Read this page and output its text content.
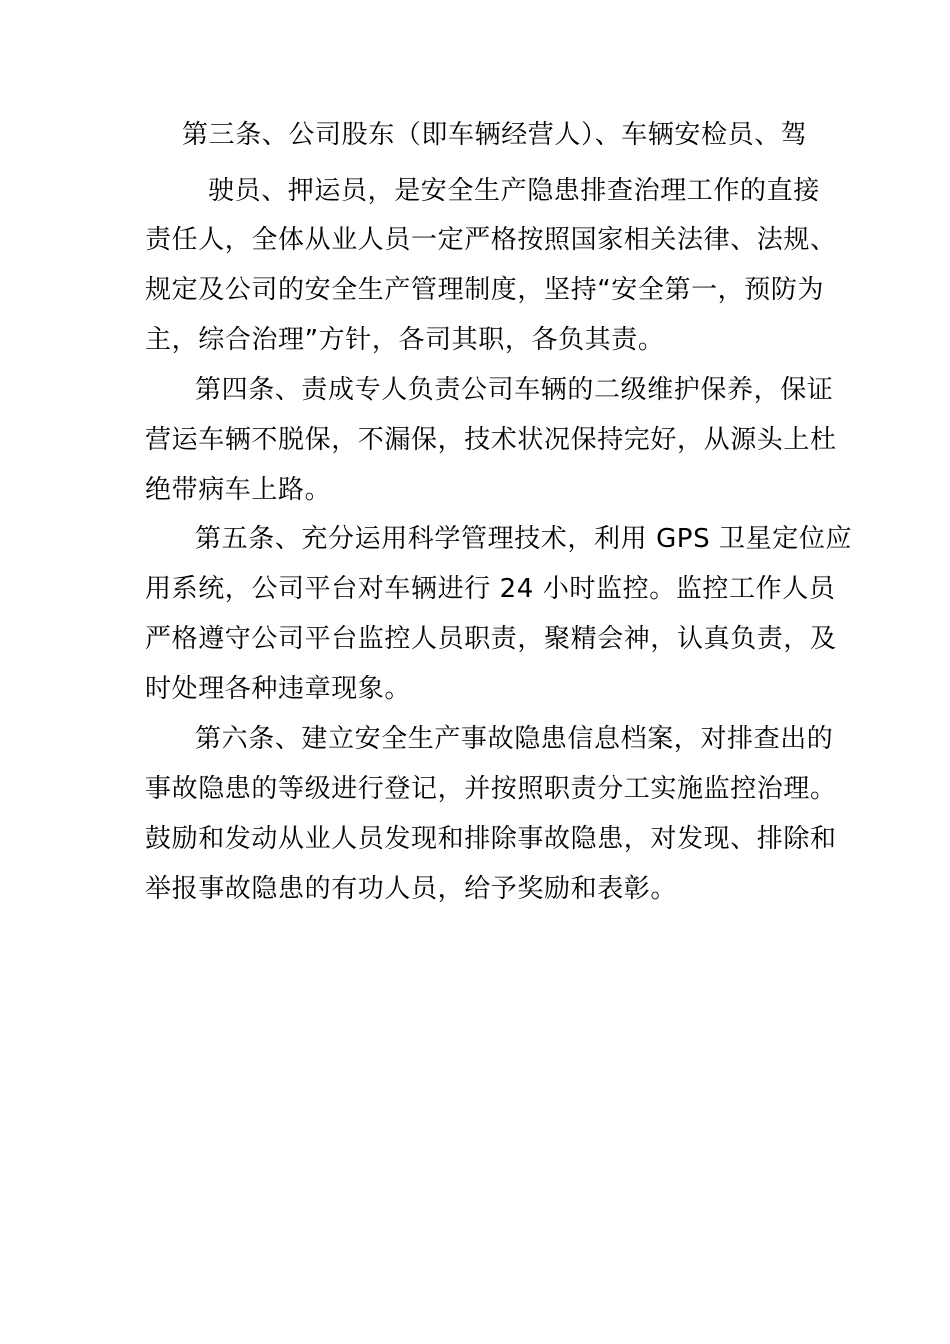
第三条、公司股东（即车辆经营人）、车辆安检员、驾
驶员、押运员，是安全生产隐患排查治理工作的直接
责任人，全体从业人员一定严格按照国家相关法律、法规、
规定及公司的安全生产管理制度，坚持“安全第一，预防为
主，综合治理”方针，各司其职，各负其责。
第四条、责成专人负责公司车辆的二级维护保养，保证
营运车辆不脱保，不漏保，技术状况保持完好，从源头上杜
绝带病车上路。
第五条、充分运用科学管理技术，利用 GPS 卫星定位应
用系统，公司平台对车辆进行 24 小时监控。监控工作人员
严格遵守公司平台监控人员职责，聚精会神，认真负责，及
时处理各种违章现象。
第六条、建立安全生产事故隐患信息档案，对排查出的
事故隐患的等级进行登记，并按照职责分工实施监控治理。
鼓励和发动从业人员发现和排除事故隐患，对发现、排除和
举报事故隐患的有功人员，给予奖励和表彰。
